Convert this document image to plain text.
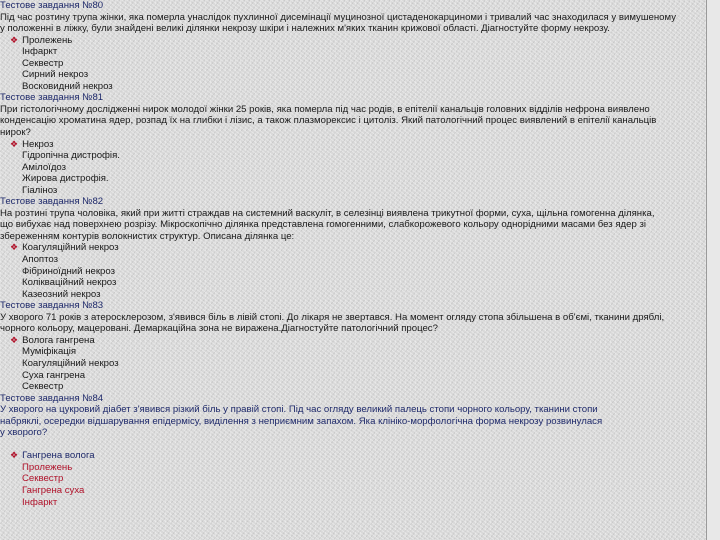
Тестове завдання №80
Під час розтину трупа жінки, яка померла унаслідок пухлинної дисемінації муцинозної цистаденокарциноми і тривалий час знаходилася у вимушеному
у положенні в ліжку, були знайдені великі ділянки некрозу шкіри і належних м'яких тканин крижової області. Діагностуйте форму некрозу.
❖ Пролежень
Інфаркт
Секвестр
Сирний некроз
Восковидний некроз
Тестове завдання №81
При гістологічному дослідженні нирок молодої жінки 25 років, яка померла під час родів, в епітелії канальців головних відділів нефрона виявлено
конденсацію хроматина ядер, розпад їх на глибки і лізис, а також плазморексис і цитоліз. Який патологічний процес виявлений в епітелії канальців
нирок?
❖ Некроз
Гідропічна дистрофія.
Амілоїдоз
Жирова дистрофія.
Гіаліноз
Тестове завдання №82
На розтині трупа чоловіка, який при житті страждав на системний васкуліт, в селезінці виявлена трикутної форми, суха, щільна гомогенна ділянка,
що вибухає над поверхнею розрізу. Мікроскопічно ділянка представлена гомогенними, слабкорожевого кольору однорідними масами без ядер зі
збереженням контурів волокнистих структур. Описана ділянка це:
❖ Коагуляційний некроз
Апоптоз
Фібриноїдний некроз
Колікваційний некроз
Казеозний некроз
Тестове завдання №83
У хворого 71 років з атеросклерозом, з'явився біль в лівій стопі. До лікаря не звертався. На момент огляду стопа збільшена в об'ємі, тканини дряблі,
чорного кольору, мацеровані. Демаркаційна зона не виражена.Діагностуйте патологічний процес?
❖ Волога гангрена
Муміфікація
Коагуляційний некроз
Суха гангрена
Секвестр
Тестове завдання №84
У хворого на цукровий діабет з'явився різкий біль у правій стопі. Під час огляду великий палець стопи чорного кольору, тканини стопи
набряклі, осередки відшарування епідермісу, виділення з неприємним запахом. Яка клініко-морфологічна форма некрозу розвинулася
у хворого?
❖ Гангрена волога
Пролежень
Секвестр
Гангрена суха
Інфаркт
